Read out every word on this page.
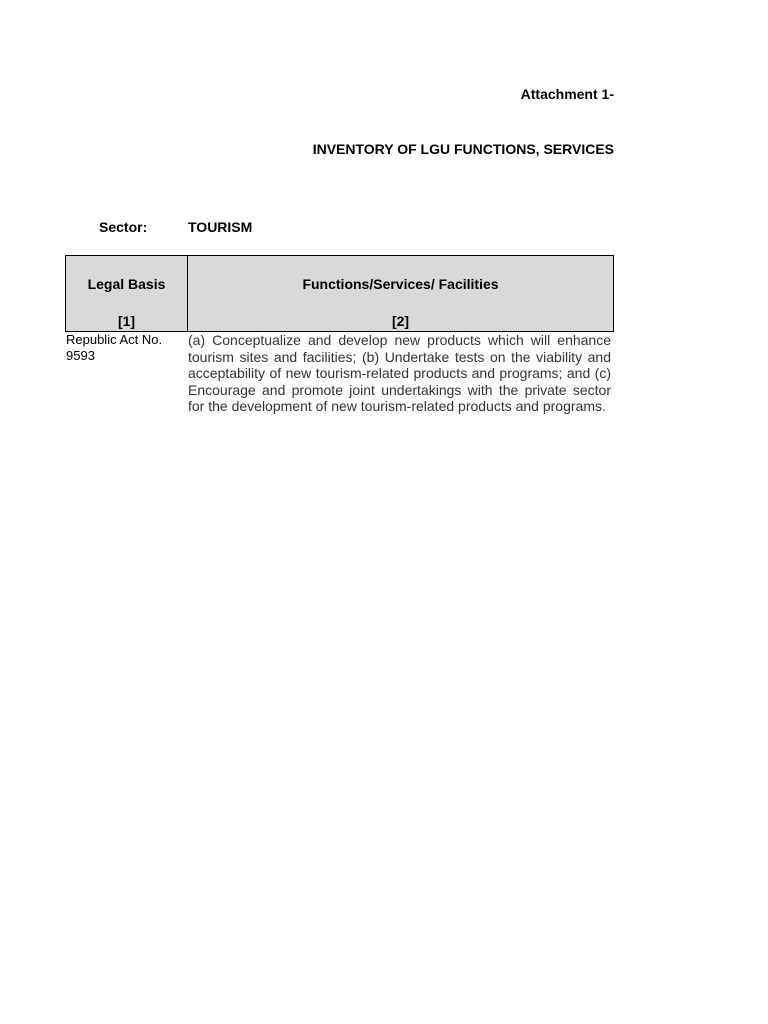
Attachment 1-
INVENTORY OF LGU FUNCTIONS, SERVICES
Sector:	TOURISM
Legal Basis
[1]
Functions/Services/ Facilities
[2]
Republic Act No. 9593
(a) Conceptualize and develop new products which will enhance tourism sites and facilities; (b) Undertake tests on the viability and acceptability of new tourism-related products and programs; and (c) Encourage and promote joint undertakings with the private sector for the development of new tourism-related products and programs.
